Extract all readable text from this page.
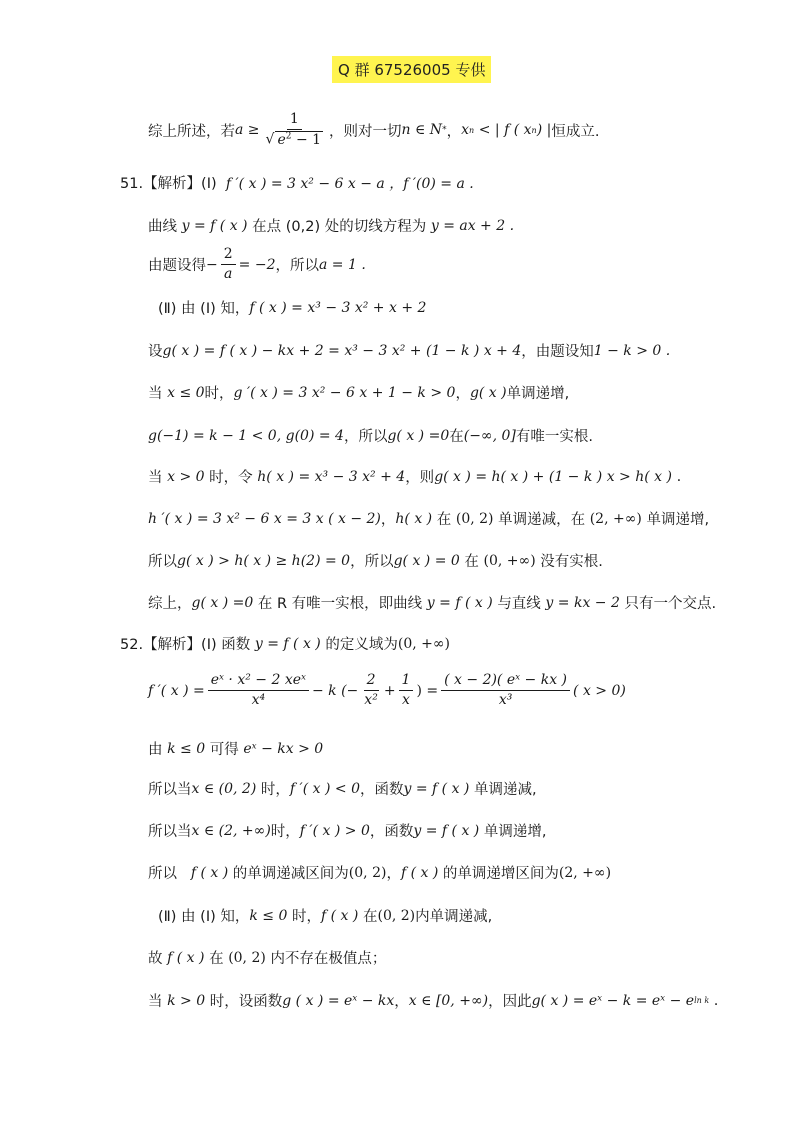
Q 群 67526005 专供
综上所述，若 $a \ge \frac{1}{√ e^2 - 1}$ ，则对一切 n ∈ N * ， x n
< | f ( x n ) | 恒成立.
51.【解析】(Ⅰ)
f ′( x ) = 3 x² − 6 x − a ，f ′(0) = a .
曲线
y = f ( x )
在点 (0,2) 处的切线方程为
y = ax + 2 .
由题设得 − $\frac{2}{a} = -2$ ，所以 a = 1 .
(Ⅱ) 由 (Ⅰ) 知， f ( x ) = x³ − 3 x² + x + 2
设 g( x ) = f ( x ) − kx + 2 = x³ − 3 x² + (1 − k ) x + 4 ，由题设知 1 − k > 0 .
当
x ≤ 0 时， g ′( x ) = 3 x² − 6 x + 1 − k > 0 ， g( x ) 单调递增,
g(−1) = k − 1 < 0, g(0) = 4 ，所以 g( x ) =0 在 (−∞, 0] 有唯一实根.
当
x > 0
时，令
h( x ) = x³ − 3 x² + 4 ，则 g( x ) = h( x ) + (1 − k ) x > h( x )
.
h ′( x ) = 3 x² − 6 x = 3 x ( x − 2) ， h( x )
在
(0, 2)
单调递减，在
(2, +∞)
单调递增,
所以 g( x ) > h( x ) ≥ h(2) = 0 ，所以 g( x ) = 0
在
(0, +∞)
没有实根.
综上， g( x ) =0
在 R 有唯一实根，即曲线
y = f ( x )
与直线
y = kx − 2
只有一个交点.
52.【解析】(Ⅰ) 函数
y = f ( x )
的定义域为 (0, +∞)
f ′( x ) = $\frac{\text{eˣ · x² − 2 xeˣ}}{\text{x⁴}} - k$ (− $\frac{2}{\text{x²}} + \frac{1}{x}$ ) = $\frac{\text{( x − 2)( eˣ − kx )}}{\text{x³}}$ ( x > 0)
由
k ≤ 0
可得
eˣ − kx > 0
所以当 x ∈ (0, 2)
时， f ′( x ) < 0 ，函数 y = f ( x )
单调递减,
所以当 x ∈ (2, +∞) 时， f ′( x ) > 0 ，函数 y = f ( x )
单调递增,
所以
f ( x )
的单调递减区间为 (0, 2) ， f ( x )
的单调递增区间为 (2, +∞)
(Ⅱ) 由 (Ⅰ) 知， k ≤ 0
时， f ( x )
在 (0, 2) 内单调递减,
故
f ( x )
在
(0, 2)
内不存在极值点；
当
k > 0
时，设函数 g ( x ) = eˣ − kx ， x ∈ [0, +∞) ，因此 g( x ) = eˣ − k = eˣ − e ln k
.
